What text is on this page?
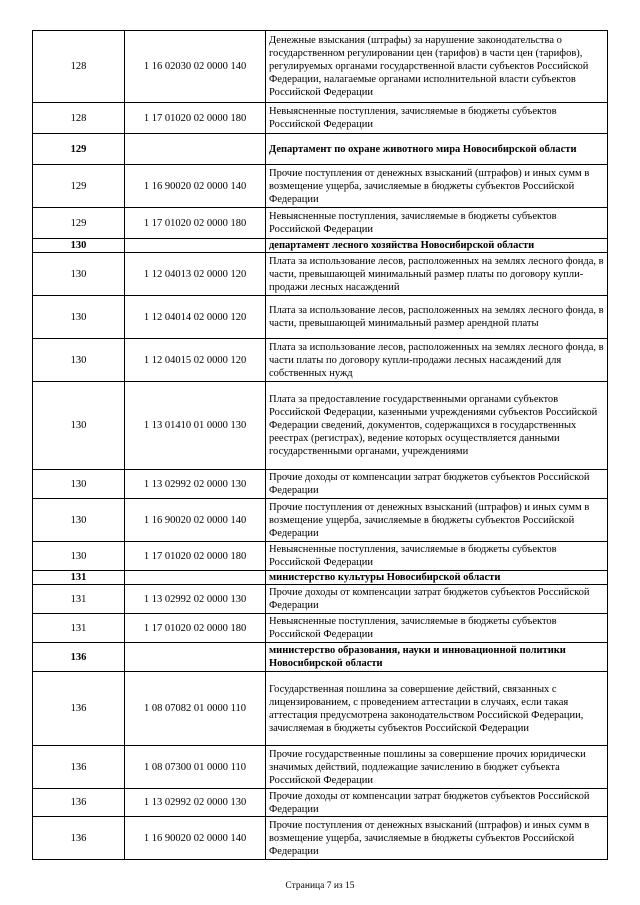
128	1 16 02030 02 0000 140	Денежные взыскания (штрафы) за нарушение законодательства о государственном регулировании цен (тарифов) в части цен (тарифов), регулируемых органами государственной власти субъектов Российской Федерации, налагаемые органами исполнительной власти субъектов Российской Федерации
128	1 17 01020 02 0000 180	Невыясненные поступления, зачисляемые в бюджеты субъектов Российской Федерации
129		Департамент по охране животного мира Новосибирской области
129	1 16 90020 02 0000 140	Прочие поступления от денежных взысканий (штрафов) и иных сумм в возмещение ущерба, зачисляемые в бюджеты субъектов Российской Федерации
129	1 17 01020 02 0000 180	Невыясненные поступления, зачисляемые в бюджеты субъектов Российской Федерации
130		департамент лесного хозяйства Новосибирской области
130	1 12 04013 02 0000 120	Плата за использование лесов, расположенных на землях лесного фонда, в части, превышающей минимальный размер платы по договору купли-продажи лесных насаждений
130	1 12 04014 02 0000 120	Плата за использование лесов, расположенных на землях лесного фонда, в части, превышающей минимальный размер арендной платы
130	1 12 04015 02 0000 120	Плата за использование лесов, расположенных на землях лесного фонда, в части платы по договору купли-продажи лесных насаждений для собственных нужд
130	1 13 01410 01 0000 130	Плата за предоставление государственными органами субъектов Российской Федерации, казенными учреждениями субъектов Российской Федерации сведений, документов, содержащихся в государственных реестрах (регистрах), ведение которых осуществляется данными государственными органами, учреждениями
130	1 13 02992 02 0000 130	Прочие доходы от компенсации затрат бюджетов субъектов Российской Федерации
130	1 16 90020 02 0000 140	Прочие поступления от денежных взысканий (штрафов) и иных сумм в возмещение ущерба, зачисляемые в бюджеты субъектов Российской Федерации
130	1 17 01020 02 0000 180	Невыясненные поступления, зачисляемые в бюджеты субъектов Российской Федерации
131		министерство культуры Новосибирской области
131	1 13 02992 02 0000 130	Прочие доходы от компенсации затрат бюджетов субъектов Российской Федерации
131	1 17 01020 02 0000 180	Невыясненные поступления, зачисляемые в бюджеты субъектов Российской Федерации
136		министерство образования, науки и инновационной политики Новосибирской области
136	1 08 07082 01 0000 110	Государственная пошлина за совершение действий, связанных с лицензированием, с проведением аттестации в случаях, если такая аттестация предусмотрена законодательством Российской Федерации, зачисляемая в бюджеты субъектов Российской Федерации
136	1 08 07300 01 0000 110	Прочие государственные пошлины за совершение прочих юридически значимых действий, подлежащие зачислению в бюджет субъекта Российской Федерации
136	1 13 02992 02 0000 130	Прочие доходы от компенсации затрат бюджетов субъектов Российской Федерации
136	1 16 90020 02 0000 140	Прочие поступления от денежных взысканий (штрафов) и иных сумм в возмещение ущерба, зачисляемые в бюджеты субъектов Российской Федерации
Страница 7 из 15
